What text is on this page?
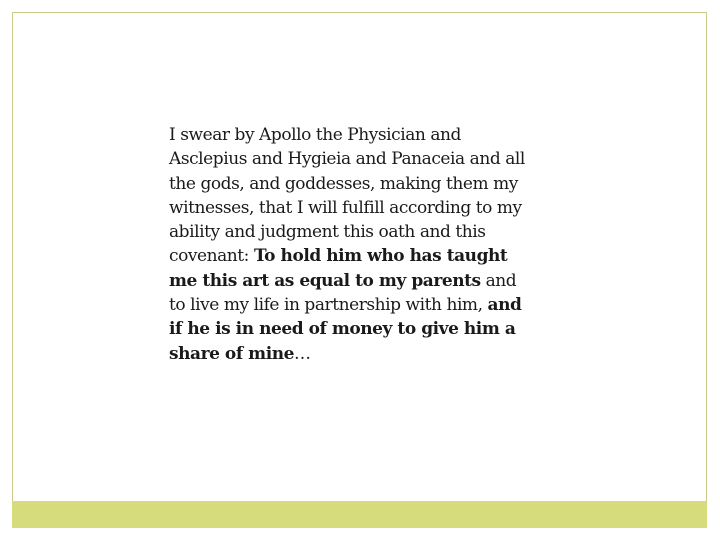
I swear by Apollo the Physician and Asclepius and Hygieia and Panaceia and all the gods, and goddesses, making them my witnesses, that I will fulfill according to my ability and judgment this oath and this covenant: To hold him who has taught me this art as equal to my parents and to live my life in partnership with him, and if he is in need of money to give him a share of mine…
